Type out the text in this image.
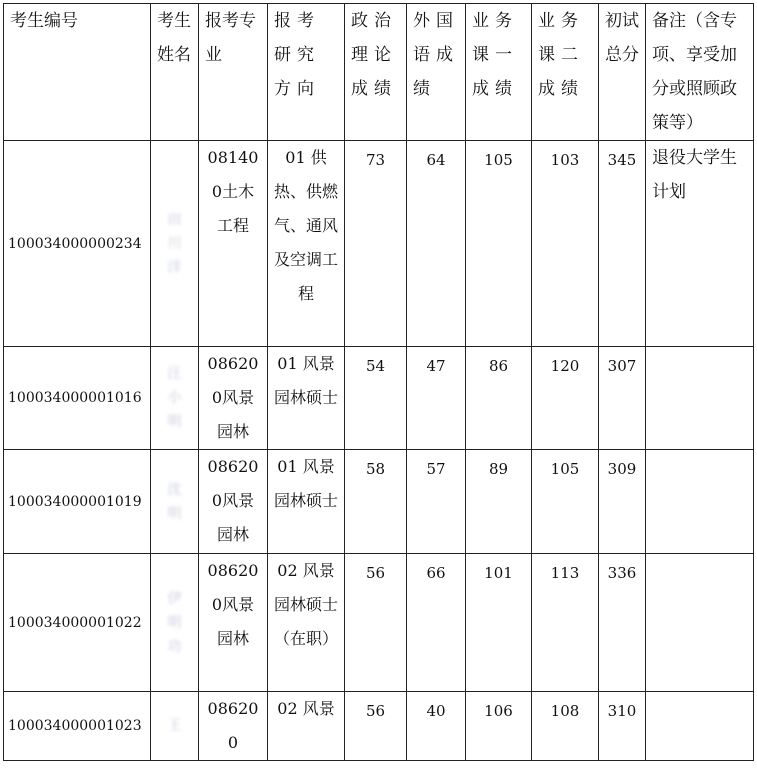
考生编号	考生姓名	报考专业	报考研究方向	政治理论成绩	外国语成绩	业务课一成绩	业务课二成绩	初试总分	备注（含专项、享受加分或照顾政策等）
100034000000234	田川洋	081400土木工程	01 供热、供燃气、通风及空调工程	73	64	105	103	345	退役大学生计划
100034000001016	汪小明	086200风景园林	01 风景园林硕士	54	47	86	120	307	
100034000001019	沈明	086200风景园林	01 风景园林硕士	58	57	89	105	309	
100034000001022	伊明功	086200风景园林	02 风景园林硕士（在职）	56	66	101	113	336	
100034000001023	王	086200	02 风景	56	40	106	108	310	
